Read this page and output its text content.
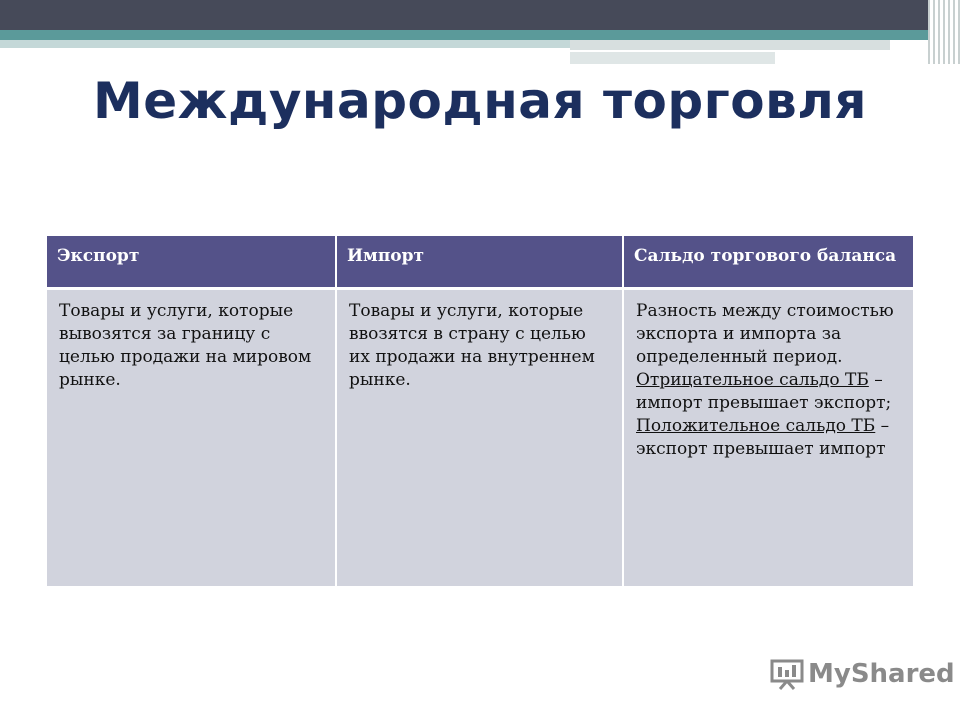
Международная торговля
Экспорт	Импорт	Сальдо торгового баланса
Товары и услуги, которые вывозятся за границу с целью продажи на мировом рынке.	Товары и услуги, которые ввозятся в страну с целью их продажи на внутреннем рынке.	Разность между стоимостью экспорта и импорта за определенный период. Отрицательное сальдо ТБ – импорт превышает экспорт; Положительное сальдо ТБ – экспорт превышает импорт
MyShared
